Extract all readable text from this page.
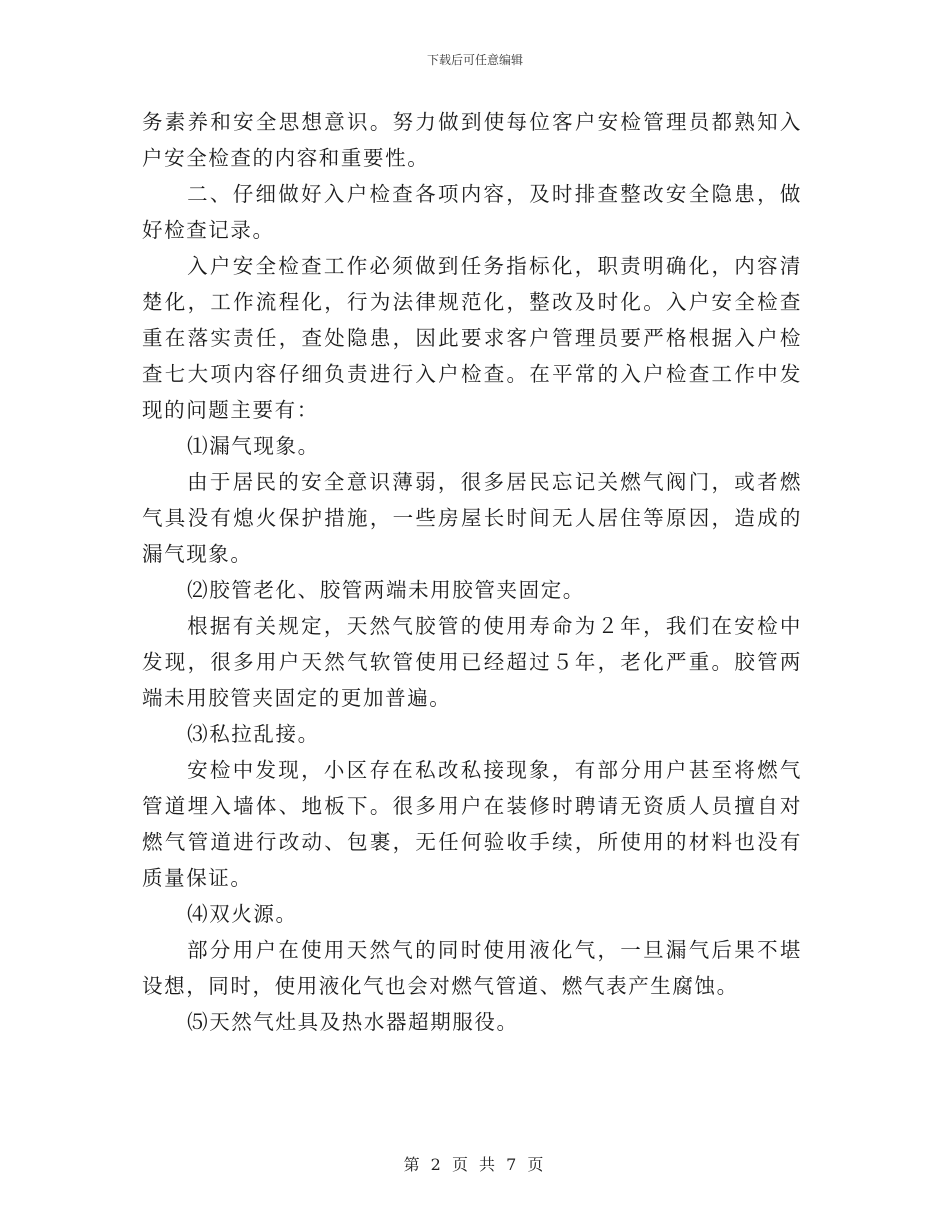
下载后可任意编辑

务素养和安全思想意识。努力做到使每位客户安检管理员都熟知入户安全检查的内容和重要性。

二、仔细做好入户检查各项内容，及时排查整改安全隐患，做好检查记录。

入户安全检查工作必须做到任务指标化，职责明确化，内容清楚化，工作流程化，行为法律规范化，整改及时化。入户安全检查重在落实责任，查处隐患，因此要求客户管理员要严格根据入户检查七大项内容仔细负责进行入户检查。在平常的入户检查工作中发现的问题主要有：

⑴漏气现象。

由于居民的安全意识薄弱，很多居民忘记关燃气阀门，或者燃气具没有熄火保护措施，一些房屋长时间无人居住等原因，造成的漏气现象。

⑵胶管老化、胶管两端未用胶管夹固定。

根据有关规定，天然气胶管的使用寿命为２年，我们在安检中发现，很多用户天然气软管使用已经超过５年，老化严重。胶管两端未用胶管夹固定的更加普遍。

⑶私拉乱接。

安检中发现，小区存在私改私接现象，有部分用户甚至将燃气管道埋入墙体、地板下。很多用户在装修时聘请无资质人员擅自对燃气管道进行改动、包裹，无任何验收手续，所使用的材料也没有质量保证。

⑷双火源。

部分用户在使用天然气的同时使用液化气，一旦漏气后果不堪设想，同时，使用液化气也会对燃气管道、燃气表产生腐蚀。

⑸天然气灶具及热水器超期服役。

第 2 页 共 7 页
